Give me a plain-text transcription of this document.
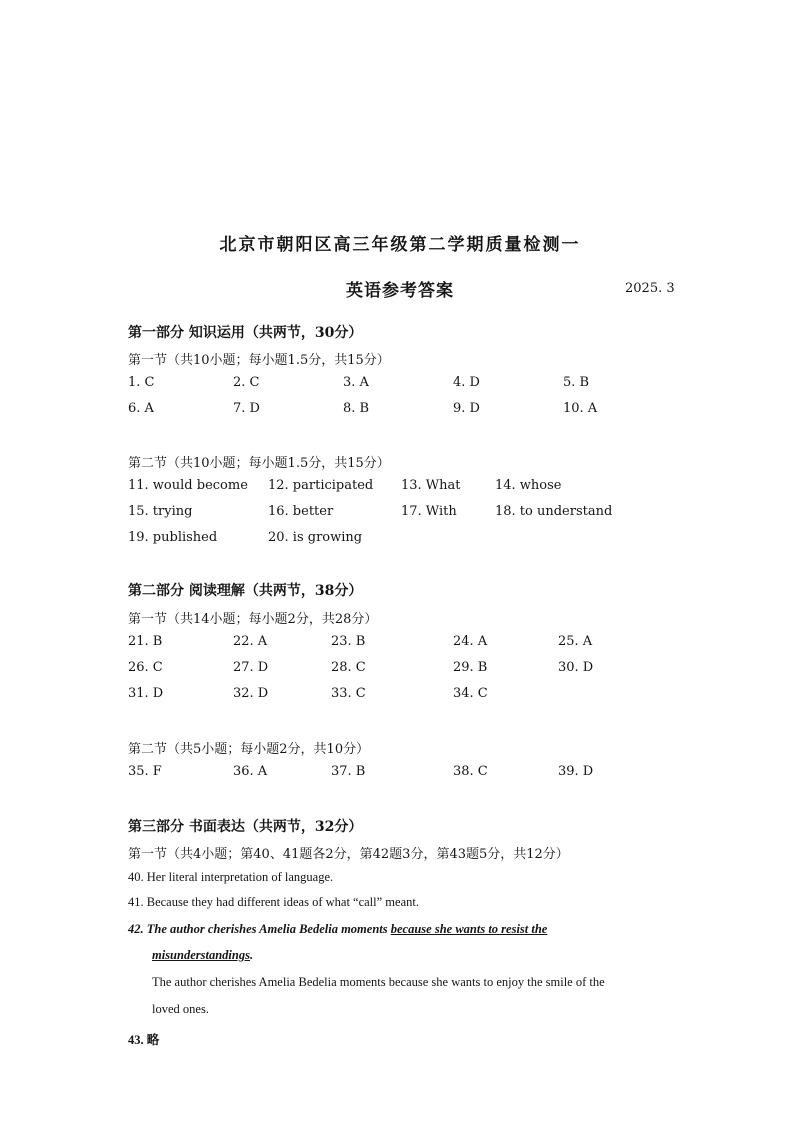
北京市朝阳区高三年级第二学期质量检测一
英语参考答案	2025. 3
第一部分 知识运用（共两节，30分）
第一节（共10小题；每小题1.5分，共15分）
1. C	2. C	3. A	4. D	5. B
6. A	7. D	8. B	9. D	10. A
第二节（共10小题；每小题1.5分，共15分）
11. would become 12. participated 13. What	14. whose
15. trying	16. better	17. With	18. to understand
19. published	20. is growing
第二部分 阅读理解（共两节，38分）
第一节（共14小题；每小题2分，共28分）
21. B	22. A	23. B	24. A	25. A
26. C	27. D	28. C	29. B	30. D
31. D	32. D	33. C	34. C
第二节（共5小题；每小题2分，共10分）
35. F	36. A	37. B	38. C	39. D
第三部分 书面表达（共两节，32分）
第一节（共4小题；第40、41题各2分，第42题3分，第43题5分，共12分）
40. Her literal interpretation of language.
41. Because they had different ideas of what “call” meant.
42. The author cherishes Amelia Bedelia moments because she wants to resist the
misunderstandings.
The author cherishes Amelia Bedelia moments because she wants to enjoy the smile of the
loved ones.
43. 略
